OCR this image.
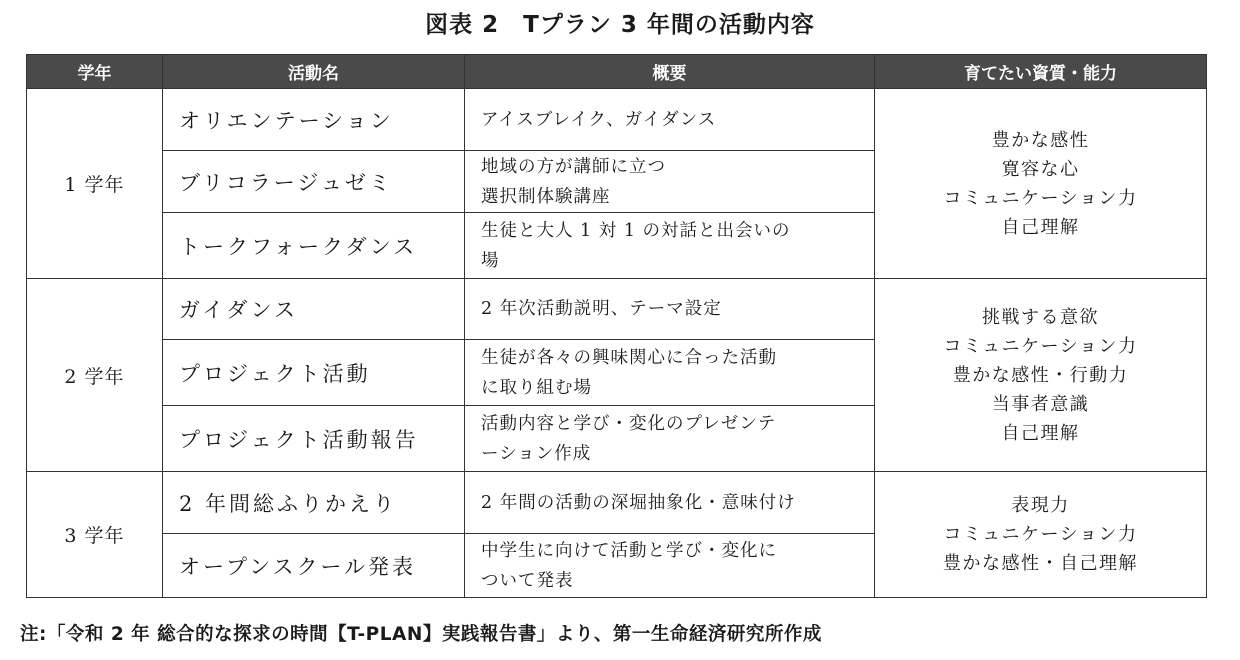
図表 2　Tプラン 3 年間の活動内容
学年	活動名	概要	育てたい資質・能力
1 学年	オリエンテーション	アイスブレイク、ガイダンス	豊かな感性
寛容な心
コミュニケーション力
自己理解

	ブリコラージュゼミ	地域の方が講師に立つ
選択制体験講座	

	トークフォークダンス	生徒と大人 1 対 1 の対話と出会いの
場	

2 学年	ガイダンス	2 年次活動説明、テーマ設定	挑戦する意欲
コミュニケーション力
豊かな感性・行動力
当事者意識
自己理解

	プロジェクト活動	生徒が各々の興味関心に合った活動
に取り組む場	

	プロジェクト活動報告	活動内容と学び・変化のプレゼンテ
ーション作成	

3 学年	2 年間総ふりかえり	2 年間の活動の深堀抽象化・意味付け	表現力
コミュニケーション力
豊かな感性・自己理解

	オープンスクール発表	中学生に向けて活動と学び・変化に
ついて発表	
注:「令和 2 年 総合的な探求の時間【T-PLAN】実践報告書」より、第一生命経済研究所作成
